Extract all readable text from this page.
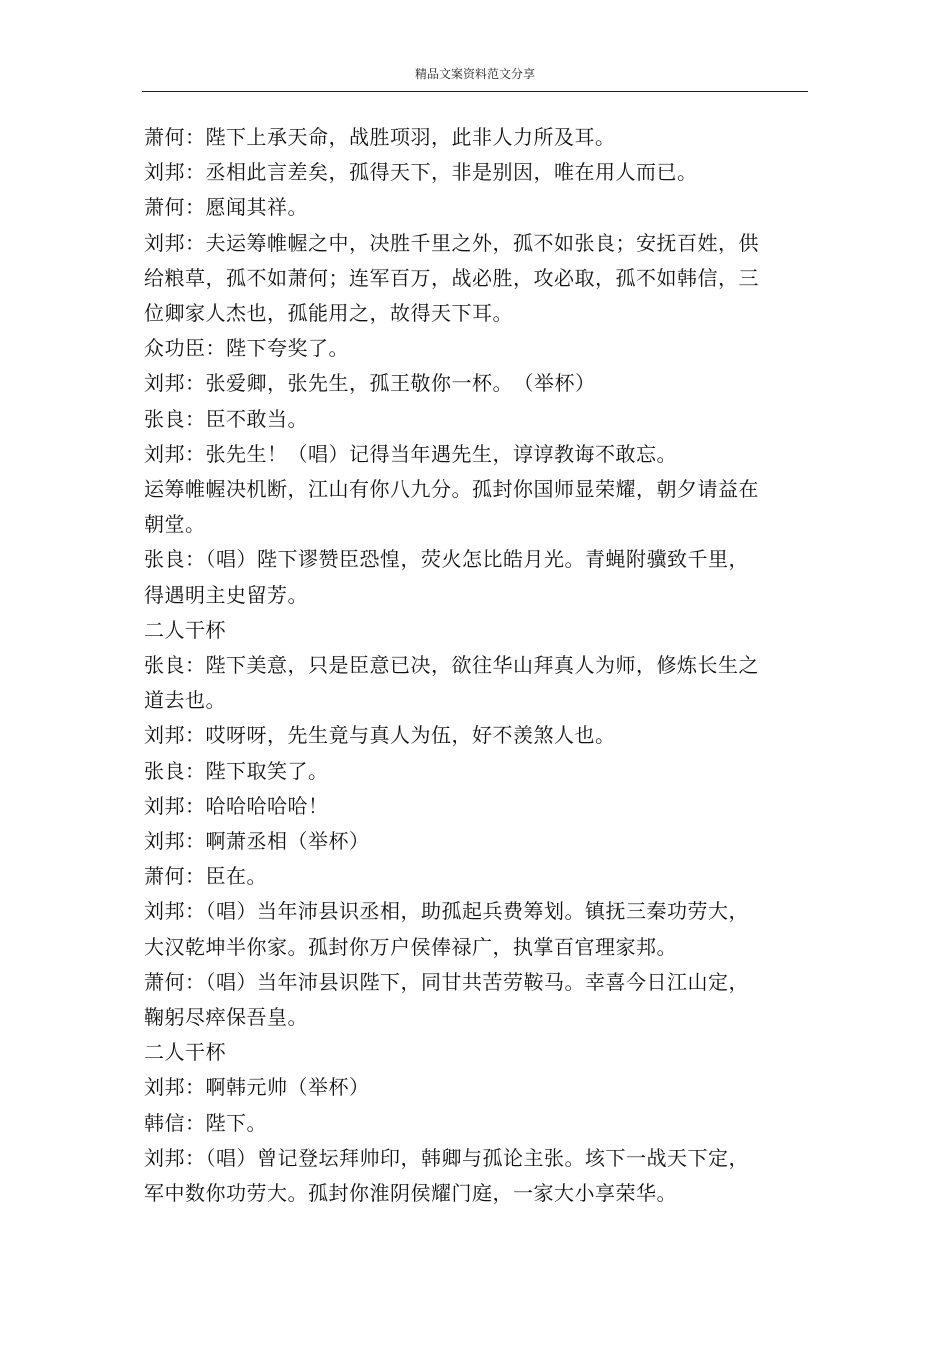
精品文案资料范文分享
萧何：陛下上承天命，战胜项羽，此非人力所及耳。
刘邦：丞相此言差矣，孤得天下，非是别因，唯在用人而已。
萧何：愿闻其祥。
刘邦：夫运筹帷幄之中，决胜千里之外，孤不如张良；安抚百姓，供
给粮草，孤不如萧何；连军百万，战必胜，攻必取，孤不如韩信，三
位卿家人杰也，孤能用之，故得天下耳。
众功臣：陛下夸奖了。
刘邦：张爱卿，张先生，孤王敬你一杯。　（举杯）
张良：臣不敢当。
刘邦：张先生！（唱）记得当年遇先生，谆谆教诲不敢忘。
运筹帷幄决机断，江山有你八九分。孤封你国师显荣耀，朝夕请益在
朝堂。
张良：（唱）陛下谬赞臣恐惶，荧火怎比皓月光。青蝇附骥致千里，
得遇明主史留芳。
二人干杯
张良：陛下美意，只是臣意已决，欲往华山拜真人为师，修炼长生之
道去也。
刘邦：哎呀呀，先生竟与真人为伍，好不羡煞人也。
张良：陛下取笑了。
刘邦：哈哈哈哈哈！
刘邦：啊萧丞相（举杯）
萧何：臣在。
刘邦：（唱）当年沛县识丞相，助孤起兵费筹划。镇抚三秦功劳大，
大汉乾坤半你家。孤封你万户侯俸禄广，执掌百官理家邦。
萧何：（唱）当年沛县识陛下，同甘共苦劳鞍马。幸喜今日江山定，
鞠躬尽瘁保吾皇。
二人干杯
刘邦：啊韩元帅（举杯）
韩信：陛下。
刘邦：（唱）曾记登坛拜帅印，韩卿与孤论主张。垓下一战天下定，
军中数你功劳大。孤封你淮阴侯耀门庭，一家大小享荣华。
